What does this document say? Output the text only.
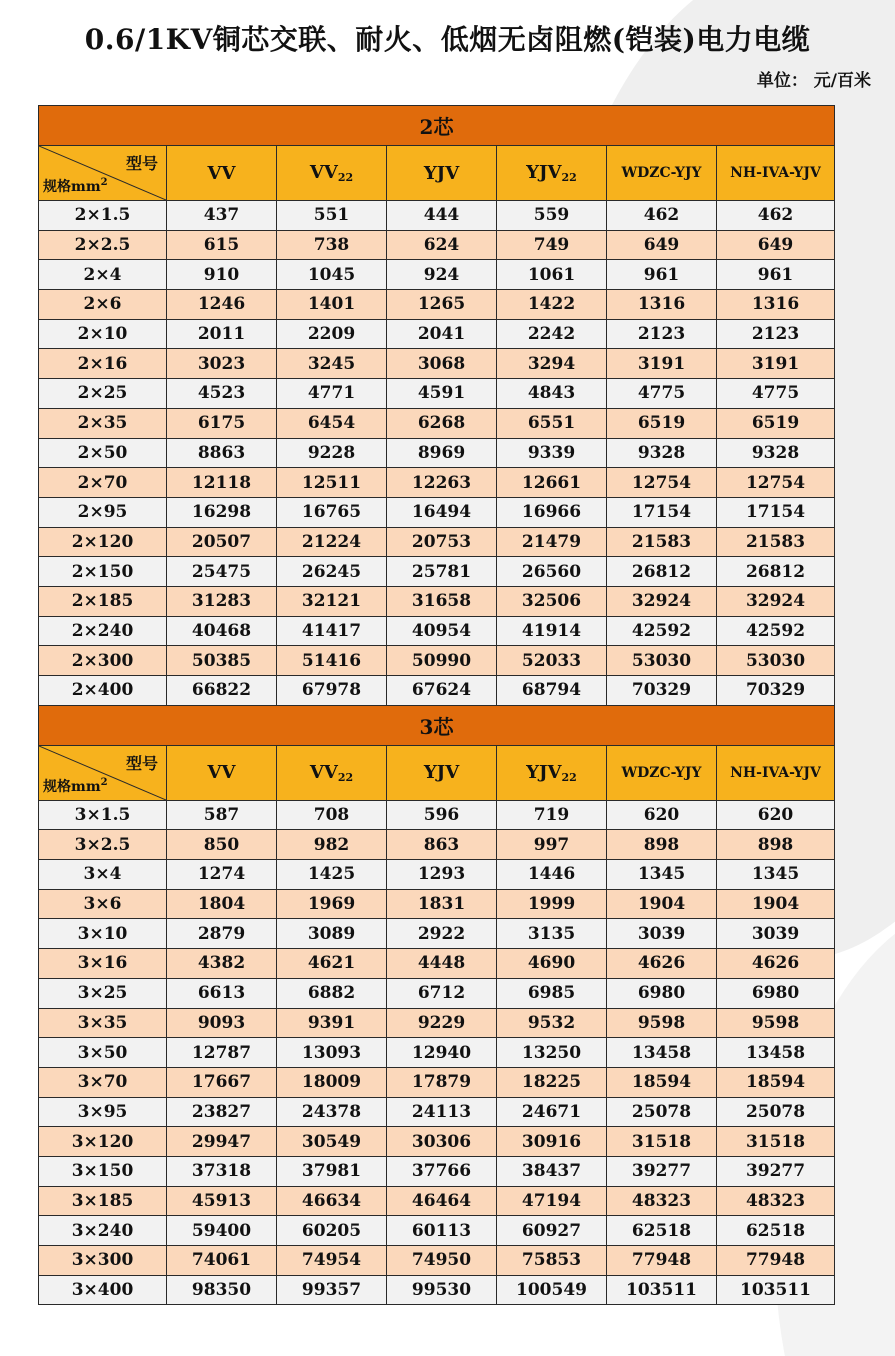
0.6/1KV铜芯交联、耐火、低烟无卤阻燃(铠装)电力电缆
单位： 元/百米
2芯						

型号
规格$mm^2$	VV	$VV_{22}$	YJV	$YJV_{22}$	WDZC-YJY	NH-IVA-YJV
2×1.5	437	551	444	559	462	462
2×2.5	615	738	624	749	649	649
2×4	910	1045	924	1061	961	961
2×6	1246	1401	1265	1422	1316	1316
2×10	2011	2209	2041	2242	2123	2123
2×16	3023	3245	3068	3294	3191	3191
2×25	4523	4771	4591	4843	4775	4775
2×35	6175	6454	6268	6551	6519	6519
2×50	8863	9228	8969	9339	9328	9328
2×70	12118	12511	12263	12661	12754	12754
2×95	16298	16765	16494	16966	17154	17154
2×120	20507	21224	20753	21479	21583	21583
2×150	25475	26245	25781	26560	26812	26812
2×185	31283	32121	31658	32506	32924	32924
2×240	40468	41417	40954	41914	42592	42592
2×300	50385	51416	50990	52033	53030	53030
2×400	66822	67978	67624	68794	70329	70329
3芯						

型号
规格$mm^2$	VV	$VV_{22}$	YJV	$YJV_{22}$	WDZC-YJY	NH-IVA-YJV
3×1.5	587	708	596	719	620	620
3×2.5	850	982	863	997	898	898
3×4	1274	1425	1293	1446	1345	1345
3×6	1804	1969	1831	1999	1904	1904
3×10	2879	3089	2922	3135	3039	3039
3×16	4382	4621	4448	4690	4626	4626
3×25	6613	6882	6712	6985	6980	6980
3×35	9093	9391	9229	9532	9598	9598
3×50	12787	13093	12940	13250	13458	13458
3×70	17667	18009	17879	18225	18594	18594
3×95	23827	24378	24113	24671	25078	25078
3×120	29947	30549	30306	30916	31518	31518
3×150	37318	37981	37766	38437	39277	39277
3×185	45913	46634	46464	47194	48323	48323
3×240	59400	60205	60113	60927	62518	62518
3×300	74061	74954	74950	75853	77948	77948
3×400	98350	99357	99530	100549	103511	103511
